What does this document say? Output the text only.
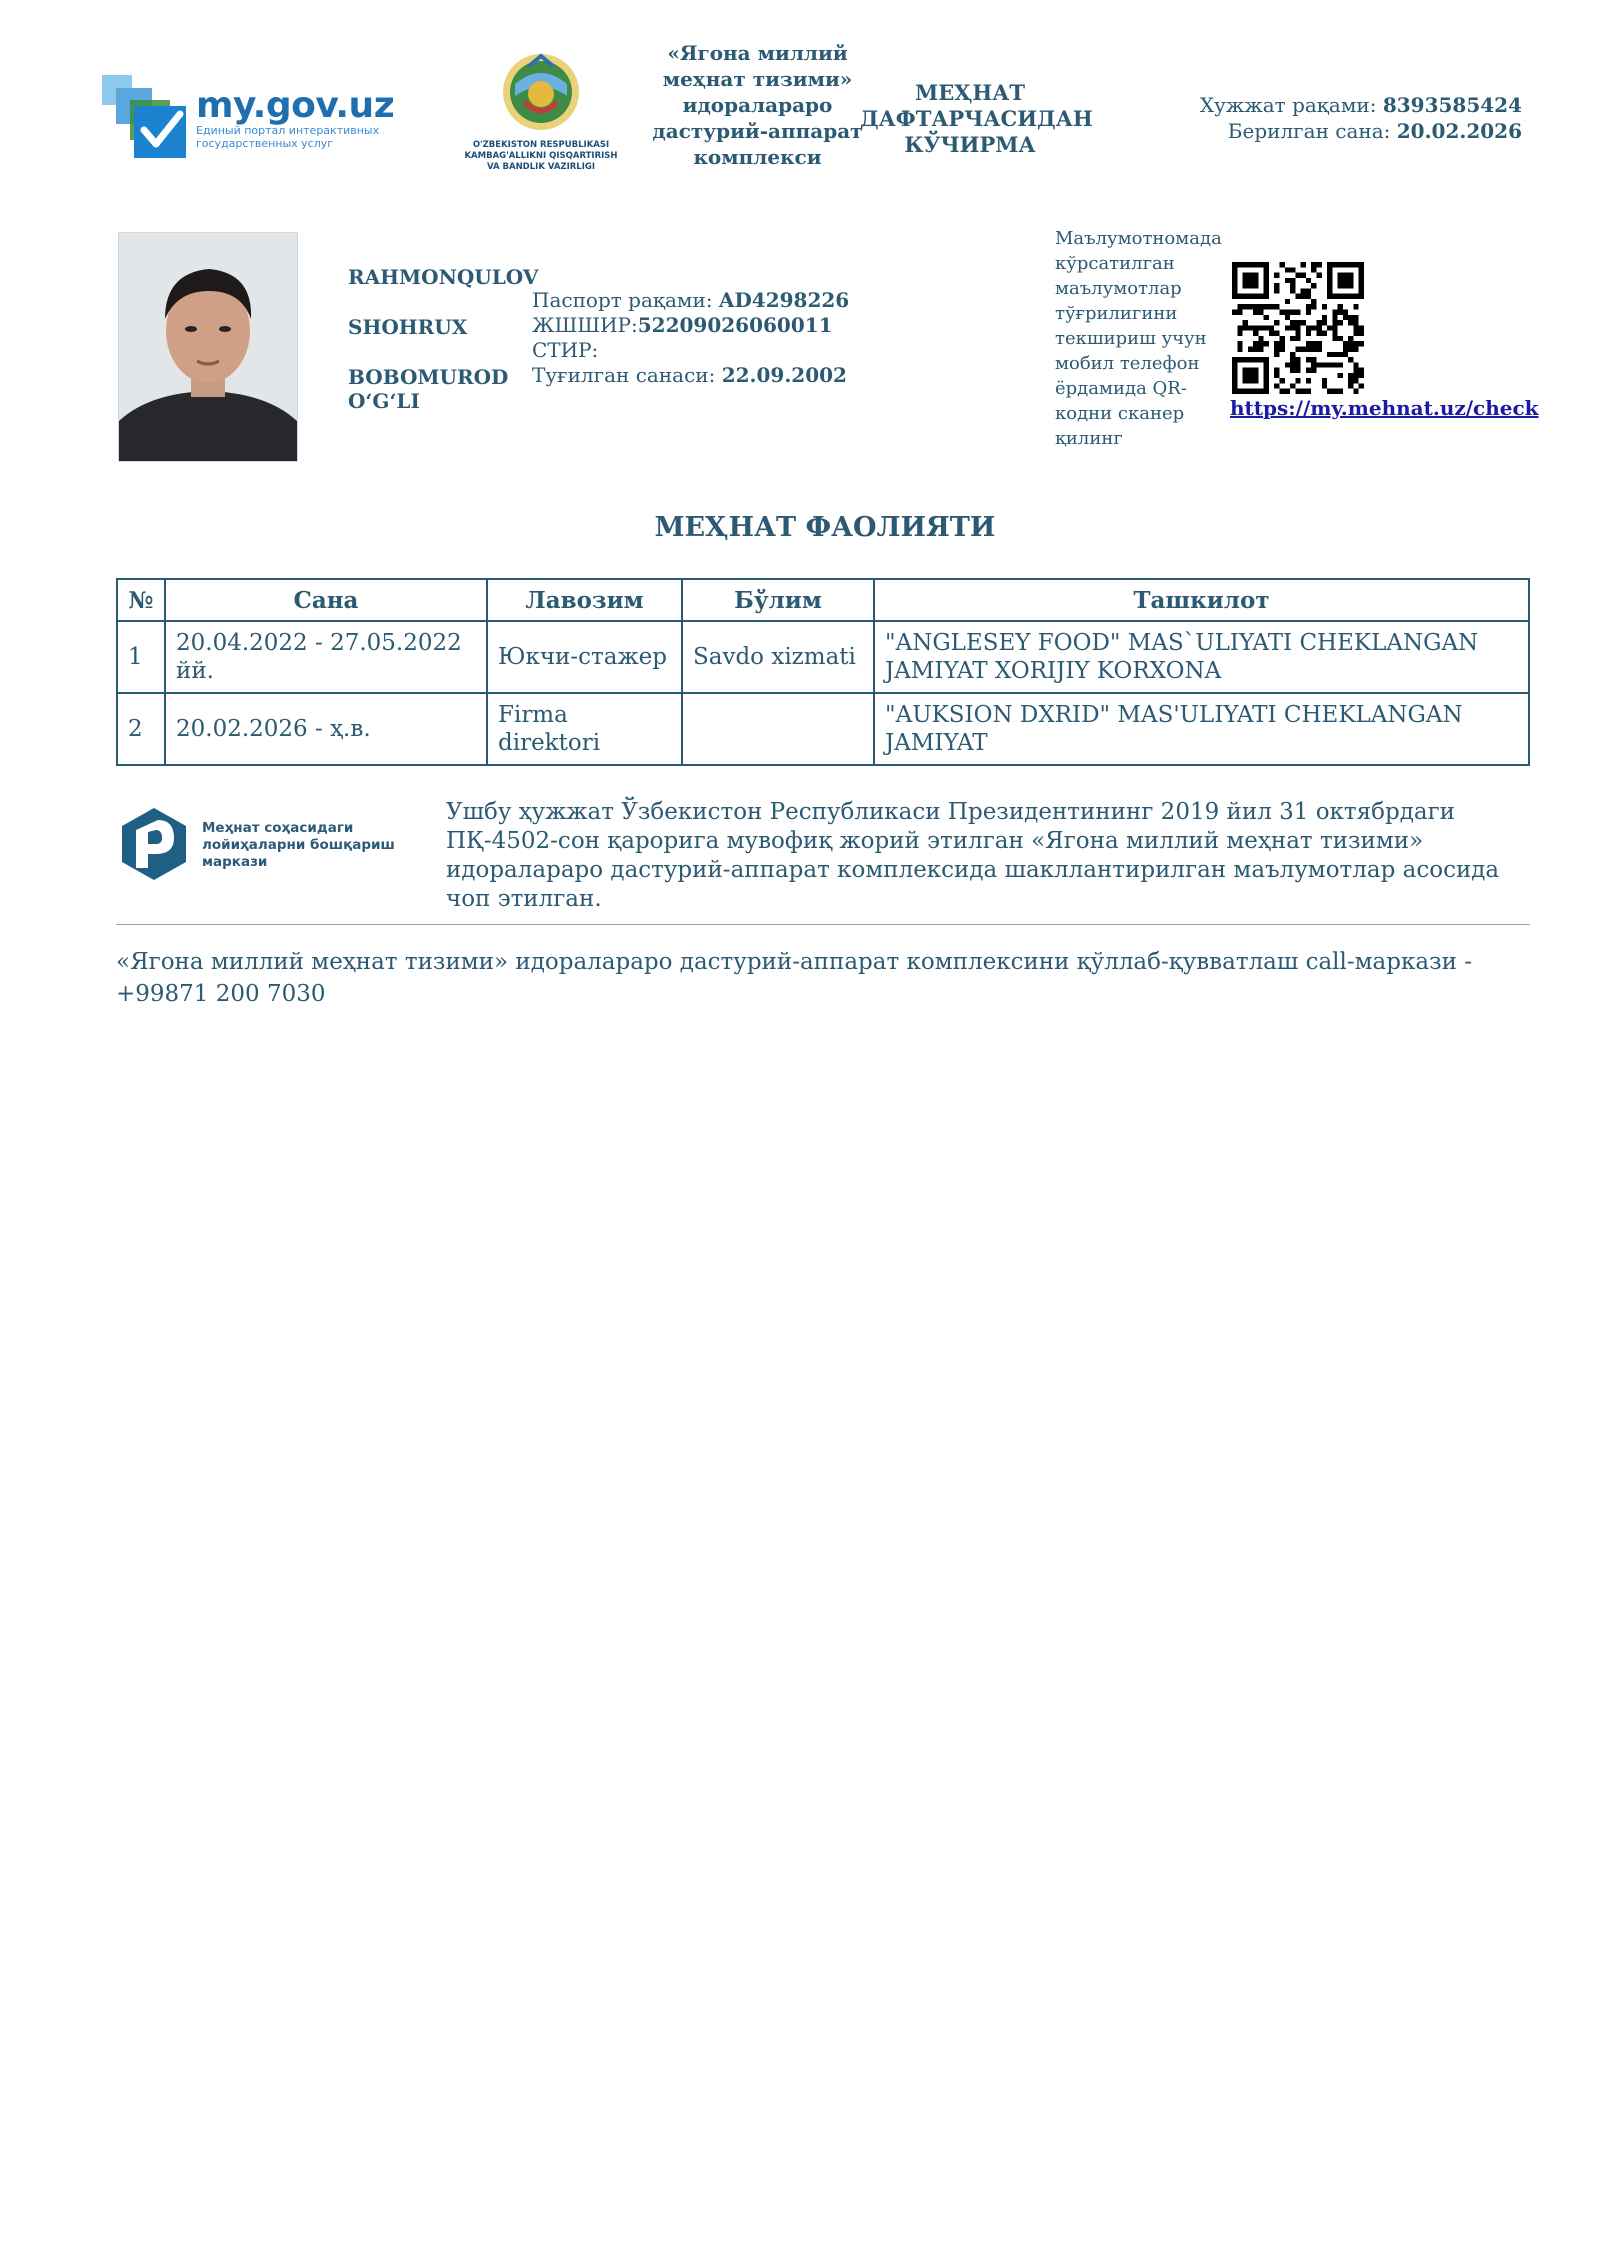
my.gov.uz
Единый портал интерактивных государственных услуг	O'ZBEKISTON RESPUBLIKASI
KAMBAG'ALLIKNI QISQARTIRISH
VA BANDLIK VAZIRLIGI
«Ягона миллий меҳнат тизими» идоралараро дастурий-аппарат комплекси
МЕҲНАТ ДАФТАРЧАСИДАН КЎЧИРМА
Хужжат рақами: 8393585424
Берилган сана: 20.02.2026
RAHMONQULOV
SHOHRUX
BOBOMUROD O‘G‘LI
Паспорт рақами: AD4298226
ЖШШИР:52209026060011
СТИР:
Туғилган санаси: 22.09.2002
Маълумотномада кўрсатилган маълумотлар тўғрилигини текшириш учун мобил телефон ёрдамида QR-кодни сканер қилинг
https://my.mehnat.uz/check
МЕҲНАТ ФАОЛИЯТИ
№	Сана	Лавозим	Бўлим	Ташкилот
1	20.04.2022 - 27.05.2022 йй.	Юкчи-стажер	Savdo xizmati	"ANGLESEY FOOD" MAS`ULIYATI CHEKLANGAN JAMIYAT XORIJIY KORXONA
2	20.02.2026 - ҳ.в.	Firma direktori		"AUKSION DXRID" MAS'ULIYATI CHEKLANGAN JAMIYAT
Меҳнат соҳасидаги лойиҳаларни бошқариш маркази
Ушбу ҳужжат Ўзбекистон Республикаси Президентининг 2019 йил 31 октябрдаги ПҚ-4502-сон қарорига мувофиқ жорий этилган «Ягона миллий меҳнат тизими» идоралараро дастурий-аппарат комплексида шакллантирилган маълумотлар асосида чоп этилган.
«Ягона миллий меҳнат тизими» идоралараро дастурий-аппарат комплексини қўллаб-қувватлаш call-маркази - +99871 200 7030
